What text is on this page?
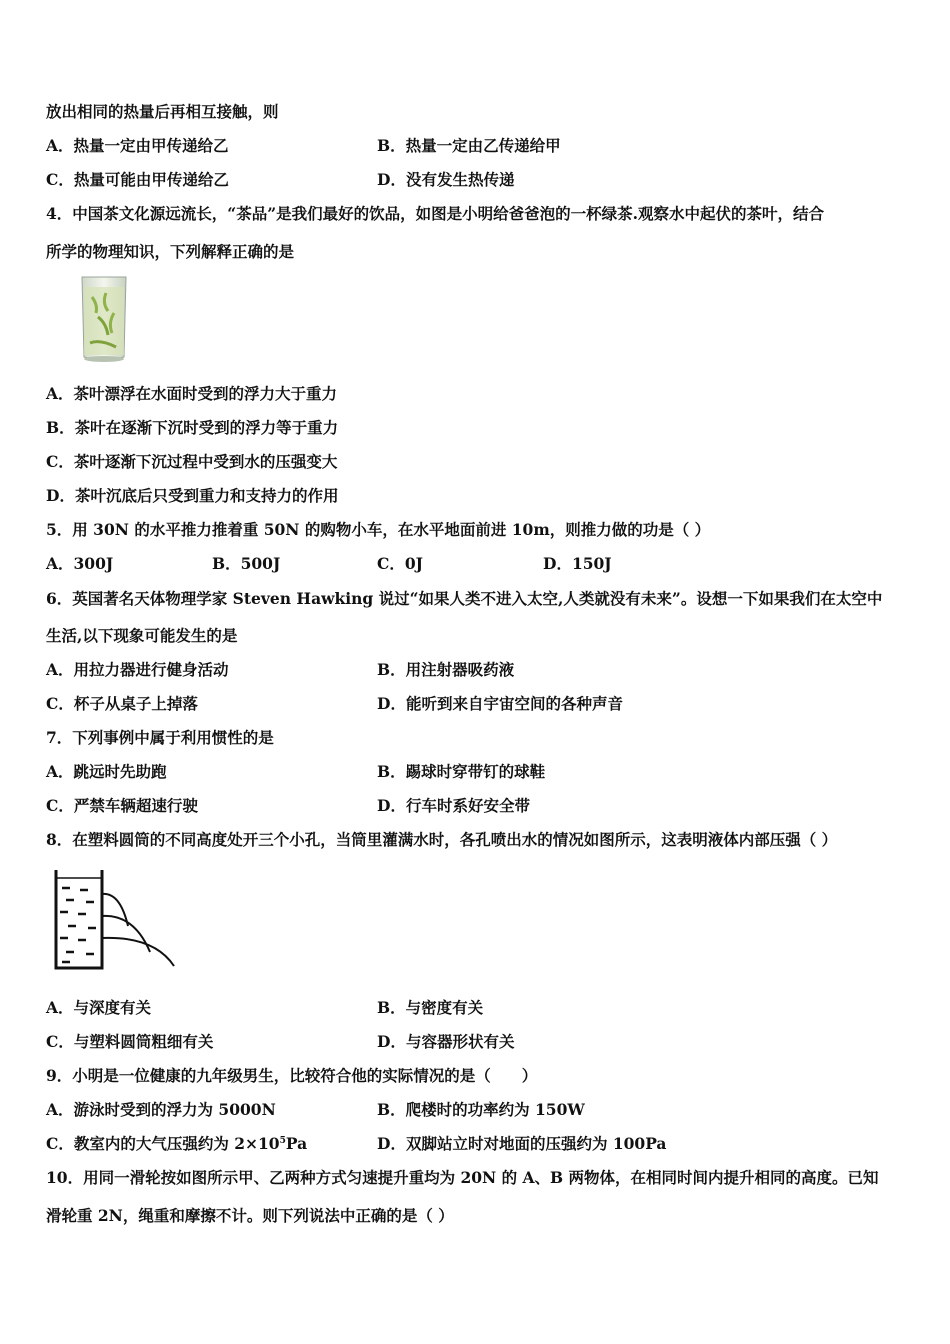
放出相同的热量后再相互接触，则
A．热量一定由甲传递给乙	B．热量一定由乙传递给甲
C．热量可能由甲传递给乙	D．没有发生热传递
4．中国茶文化源远流长，“茶品”是我们最好的饮品，如图是小明给爸爸泡的一杯绿茶.观察水中起伏的茶叶，结合
所学的物理知识，下列解释正确的是
A．茶叶漂浮在水面时受到的浮力大于重力
B．茶叶在逐渐下沉时受到的浮力等于重力
C．茶叶逐渐下沉过程中受到水的压强变大
D．茶叶沉底后只受到重力和支持力的作用
5．用 30N 的水平推力推着重 50N 的购物小车，在水平地面前进 10m，则推力做的功是（ ）
A．300J	B．500J	C．0J	D．150J
6．英国著名天体物理学家 Steven Hawking 说过“如果人类不进入太空,人类就没有未来”。设想一下如果我们在太空中
生活,以下现象可能发生的是
A．用拉力器进行健身活动	B．用注射器吸药液
C．杯子从桌子上掉落	D．能听到来自宇宙空间的各种声音
7．下列事例中属于利用惯性的是
A．跳远时先助跑	B．踢球时穿带钉的球鞋
C．严禁车辆超速行驶	D．行车时系好安全带
8．在塑料圆筒的不同高度处开三个小孔，当筒里灌满水时，各孔喷出水的情况如图所示，这表明液体内部压强（ ）
A．与深度有关	B．与密度有关
C．与塑料圆筒粗细有关	D．与容器形状有关
9．小明是一位健康的九年级男生，比较符合他的实际情况的是（　　）
A．游泳时受到的浮力为 5000N	B．爬楼时的功率约为 150W
C．教室内的大气压强约为 $2\times 10^5Pa$	D．双脚站立时对地面的压强约为 100Pa
10．用同一滑轮按如图所示甲、乙两种方式匀速提升重均为 20N 的 A、B 两物体，在相同时间内提升相同的高度。已知
滑轮重 2N，绳重和摩擦不计。则下列说法中正确的是（ ）
